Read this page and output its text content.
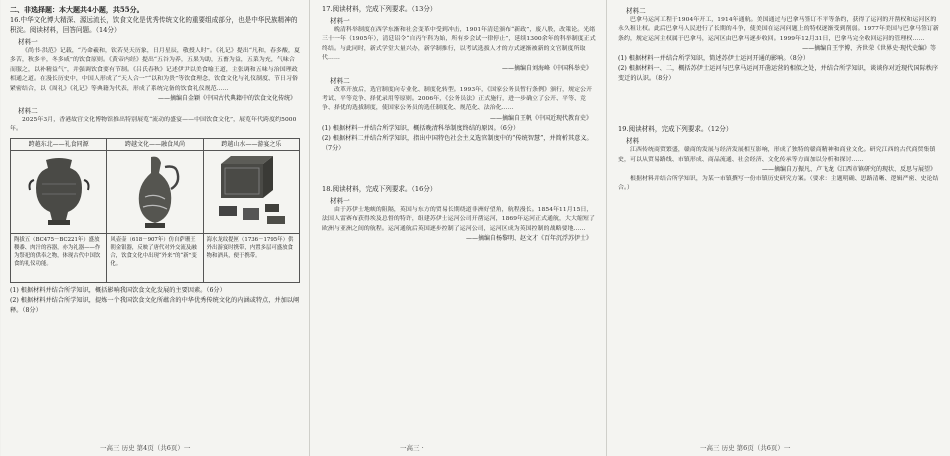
二、非选择题：本大题共4小题，共55分。

16.中华文化博大精深、源远流长，饮食文化是优秀传统文化的重要组成部分，也是中华民族精神的积淀。阅读材料，回答问题。（14分）

材料一

《尚书·洪范》记载，“乃命羲和，钦若昊天历象，日月星辰，敬授人时”。《礼记》提出“凡和，春多酸，夏多苦，秋多辛，冬多咸”的饮食原则。《黄帝内经》提出“五谷为养，五果为助，五畜为益，五菜为充，气味合而服之，以补精益气”，并强调饮食要有节制。《吕氏春秋》记述伊尹以美食喻王道，主张调和五味与治国理政相通之道。在漫长历史中，中国人形成了“天人合一”“以和为贵”等饮食理念，饮食文化与礼仪制度、节日习俗紧密结合，以《周礼》《礼记》等典籍为代表，形成了系统完备的饮食礼仪规范……

——摘编自金颖《中国古代典籍中的饮食文化传统》

材料二

2025年3月，香港故宫文化博物馆推出特别展览“流动的盛宴——中国饮食文化”，展览年代跨度约5000年。

跨越东北——礼食同源
陶拔五（BC475－BC221年）盛放稷黍、肉汁的容器，亦为礼器——作为祭祀的供奉之物，体现古代中国饮食的礼仪功能。
跨越文化——融食风尚
风壶壶（618－907年）仿自萨珊王朝金银器，反映了唐代对外交流及融合，饮食文化中出现“外来”的“新”变化。
跨越山水——游宴之乐
海水龙纹提匣（1736－1795年）供外出游宴时携带，内置多层可盛放食物和酒具，便于携带。

(1) 根据材料并结合所学知识，概括影响我国饮食文化发展的主要因素。（6分）

(2) 根据材料并结合所学知识，提炼一个我国饮食文化所蕴含的中华优秀传统文化的内涵或特点，并加以阐释。（8分）

一高三 历史 第4页（共6页）一

17.阅读材料，完成下列要求。（13分）

材料一

晚清科举制度在西学东渐和社会变革中受到冲击，1901年清廷颁布“新政”，废八股，改策论。光绪三十一年（1905年），清廷诏令“自丙午科为始，所有乡会试一律停止”，延续1300余年的科举制度正式终结。与此同时，新式学堂大量兴办，新学制推行，以考试选拔人才的方式逐渐被新的文官制度所取代……

——摘编自刘海峰《中国科举史》

材料二

改革开放后，选官制度向专业化、制度化转型。1993年，《国家公务员暂行条例》颁行，规定公开考试、平等竞争、择优录用等原则。2006年，《公务员法》正式施行，进一步确立了公开、平等、竞争、择优的选拔制度，使国家公务员的选任制度化、规范化、法治化……

——摘编自王帆《中国近现代教育史》

(1) 根据材料一并结合所学知识，概括晚清科举制度终结的原因。（6分）

(2) 根据材料二并结合所学知识，指出中国特色社会主义选官制度中的“传统智慧”，并简析其意义。（7分）

18.阅读材料，完成下列要求。（16分）

材料一

由于苏伊士地峡的阻隔，英国与东方的贸易长期绕道非洲好望角，航程漫长。1854年11月15日，法国人雷赛布获得埃及总督的特许，组建苏伊士运河公司开凿运河，1869年运河正式通航，大大缩短了欧洲与亚洲之间的航程。运河通航后英国逐步控制了运河公司，运河区成为英国控制的战略要地……

——摘编自杨黎明、赵文才《百年沉浮苏伊士》

一高三 ·

材料二

巴拿马运河工程于1904年开工，1914年通航。美国通过与巴拿马签订不平等条约，获得了运河的开凿权和运河区的永久租让权。此后巴拿马人民进行了长期的斗争，使美国在运河问题上的特权逐渐受到削弱。1977年美国与巴拿马签订新条约，规定运河主权属于巴拿马，运河区由巴拿马逐步收回。1999年12月31日，巴拿马完全收回运河的管理权……

——摘编自王宇博、齐世荣《世界史·现代史编》等

(1) 根据材料一并结合所学知识，简述苏伊士运河开通的影响。（8分）

(2) 根据材料一、二，概括苏伊士运河与巴拿马运河开凿运营的相似之处，并结合所学知识，谈谈你对近现代国际秩序变迁的认识。（8分）

19.阅读材料，完成下列要求。（12分）

材料

江西传统商贸繁盛，赣商的发展与经济发展相互影响，形成了独特的赣商精神和商业文化。研究江西的古代商贸集镇史，可以从贸易路线、市镇形成、商品流通、社会经济、文化传承等方面加以分析和探讨……

——摘编自万振凡、卢飞龙《江西市镇研究的现状、反思与展望》

根据材料并结合所学知识，为某一市镇撰写一份市镇历史研究方案。（要求：主题明确、思路清晰、逻辑严密、史论结合。）

一高三 历史 第6页（共6页）一
